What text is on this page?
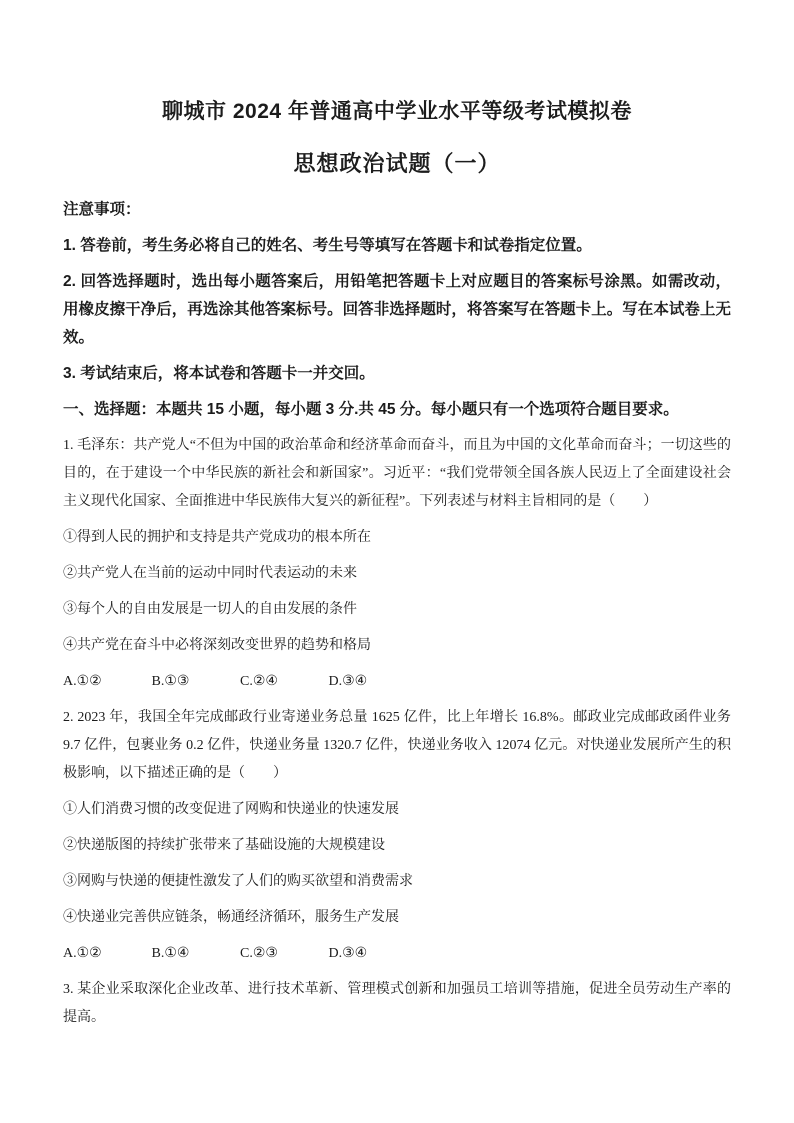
聊城市 2024 年普通高中学业水平等级考试模拟卷
思想政治试题（一）

注意事项：

1. 答卷前，考生务必将自己的姓名、考生号等填写在答题卡和试卷指定位置。

2. 回答选择题时，选出每小题答案后，用铅笔把答题卡上对应题目的答案标号涂黑。如需改动，用橡皮擦干净后，再选涂其他答案标号。回答非选择题时，将答案写在答题卡上。写在本试卷上无效。

3. 考试结束后，将本试卷和答题卡一并交回。

一、选择题：本题共 15 小题，每小题 3 分.共 45 分。每小题只有一个选项符合题目要求。

1. 毛泽东：共产党人“不但为中国的政治革命和经济革命而奋斗，而且为中国的文化革命而奋斗；一切这些的目的，在于建设一个中华民族的新社会和新国家”。习近平：“我们党带领全国各族人民迈上了全面建设社会主义现代化国家、全面推进中华民族伟大复兴的新征程”。下列表述与材料主旨相同的是（　　）

①得到人民的拥护和支持是共产党成功的根本所在

②共产党人在当前的运动中同时代表运动的未来

③每个人的自由发展是一切人的自由发展的条件

④共产党在奋斗中必将深刻改变世界的趋势和格局

A.①②	B.①③	C.②④	D.③④

2. 2023 年，我国全年完成邮政行业寄递业务总量 1625 亿件，比上年增长 16.8%。邮政业完成邮政函件业务 9.7 亿件，包裹业务 0.2 亿件，快递业务量 1320.7 亿件，快递业务收入 12074 亿元。对快递业发展所产生的积极影响，以下描述正确的是（　　）

①人们消费习惯的改变促进了网购和快递业的快速发展

②快递版图的持续扩张带来了基础设施的大规模建设

③网购与快递的便捷性激发了人们的购买欲望和消费需求

④快递业完善供应链条，畅通经济循环，服务生产发展

A.①②	B.①④	C.②③	D.③④

3. 某企业采取深化企业改革、进行技术革新、管理模式创新和加强员工培训等措施，促进全员劳动生产率的提高。
